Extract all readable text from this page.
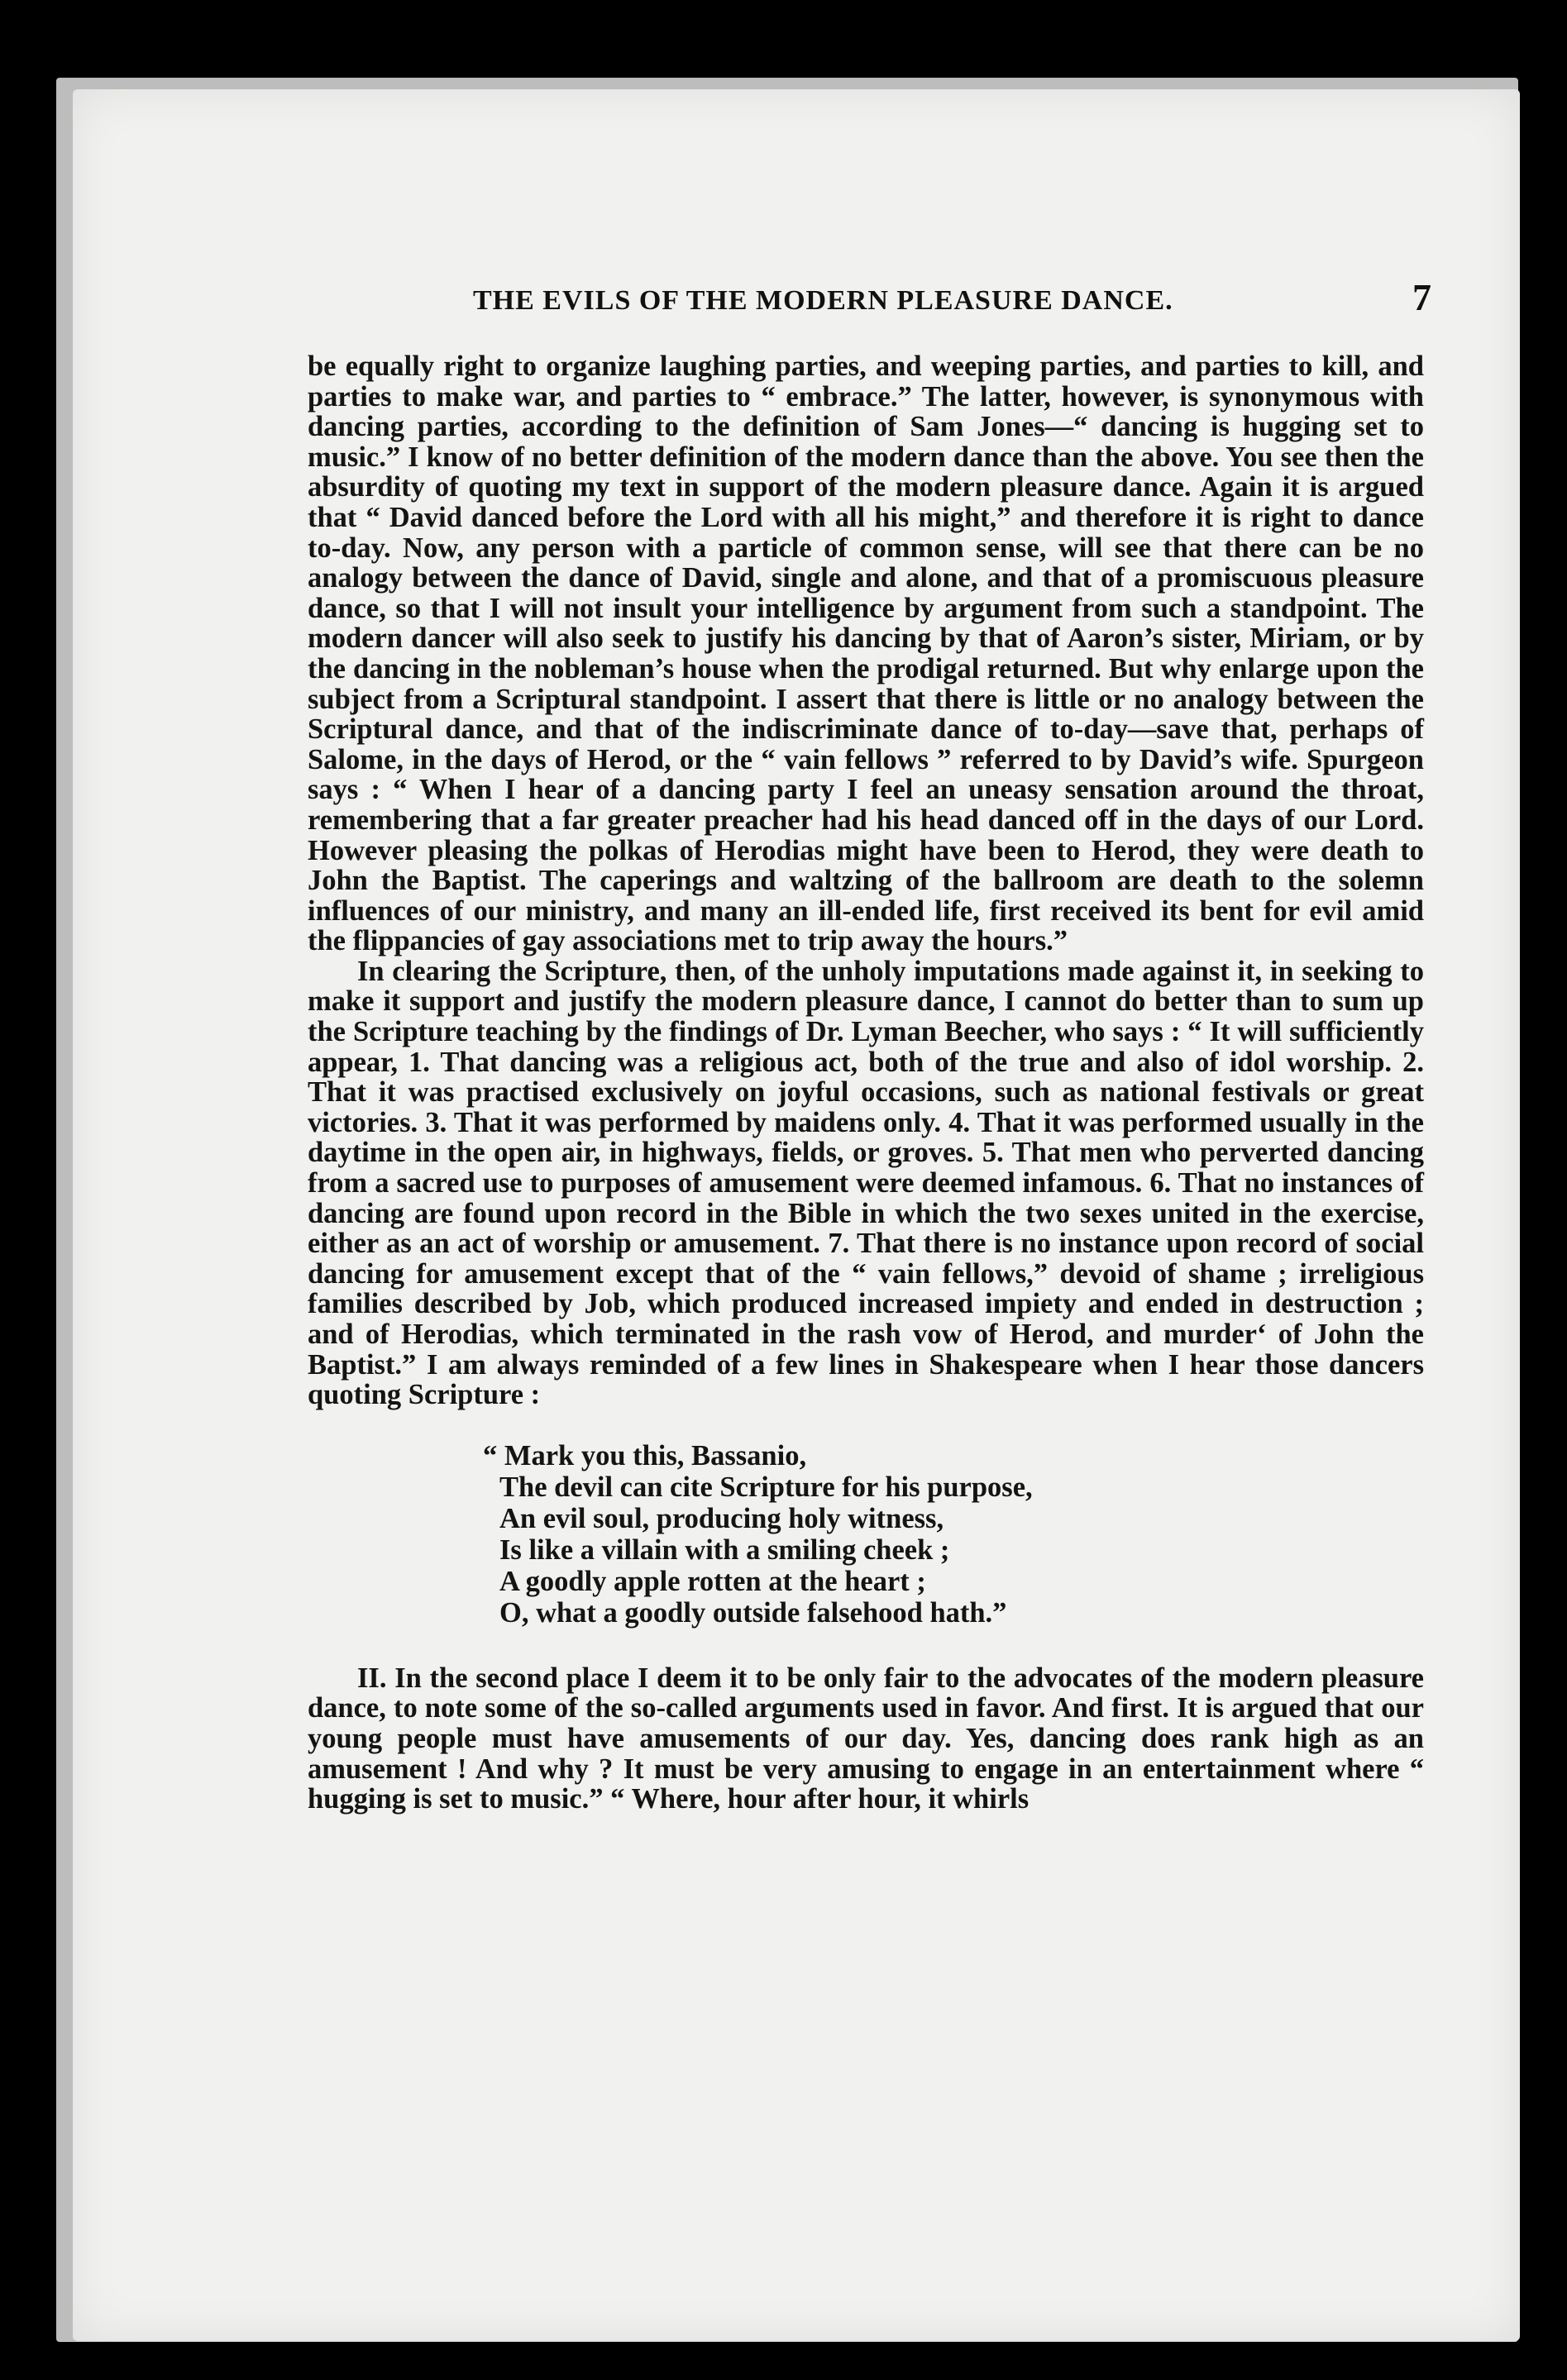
THE EVILS OF THE MODERN PLEASURE DANCE.	7

be equally right to organize laughing parties, and weeping parties, and parties to kill, and parties to make war, and parties to “ embrace.” The latter, however, is synonymous with dancing parties, according to the definition of Sam Jones—“ dancing is hugging set to music.” I know of no better definition of the modern dance than the above. You see then the absurdity of quoting my text in support of the modern pleasure dance. Again it is argued that “ David danced before the Lord with all his might,” and therefore it is right to dance to-day. Now, any person with a particle of common sense, will see that there can be no analogy between the dance of David, single and alone, and that of a promiscuous pleasure dance, so that I will not insult your intelligence by argument from such a standpoint. The modern dancer will also seek to justify his dancing by that of Aaron’s sister, Miriam, or by the dancing in the nobleman’s house when the prodigal returned. But why enlarge upon the subject from a Scriptural standpoint. I assert that there is little or no analogy between the Scriptural dance, and that of the indiscriminate dance of to-day—save that, perhaps of Salome, in the days of Herod, or the “ vain fellows ” referred to by David’s wife. Spurgeon says : “ When I hear of a dancing party I feel an uneasy sensation around the throat, remembering that a far greater preacher had his head danced off in the days of our Lord. However pleasing the polkas of Herodias might have been to Herod, they were death to John the Baptist. The caperings and waltzing of the ballroom are death to the solemn influences of our ministry, and many an ill-ended life, first received its bent for evil amid the flippancies of gay associations met to trip away the hours.”

In clearing the Scripture, then, of the unholy imputations made against it, in seeking to make it support and justify the modern pleasure dance, I cannot do better than to sum up the Scripture teaching by the findings of Dr. Lyman Beecher, who says : “ It will sufficiently appear, 1. That dancing was a religious act, both of the true and also of idol worship. 2. That it was practised exclusively on joyful occasions, such as national festivals or great victories. 3. That it was performed by maidens only. 4. That it was performed usually in the daytime in the open air, in highways, fields, or groves. 5. That men who perverted dancing from a sacred use to purposes of amusement were deemed infamous. 6. That no instances of dancing are found upon record in the Bible in which the two sexes united in the exercise, either as an act of worship or amusement. 7. That there is no instance upon record of social dancing for amusement except that of the “ vain fellows,” devoid of shame ; irreligious families described by Job, which produced increased impiety and ended in destruction ; and of Herodias, which terminated in the rash vow of Herod, and murder‘ of John the Baptist.” I am always reminded of a few lines in Shakespeare when I hear those dancers quoting Scripture :

“ Mark you this, Bassanio,
The devil can cite Scripture for his purpose,
An evil soul, producing holy witness,
Is like a villain with a smiling cheek ;
A goodly apple rotten at the heart ;
O, what a goodly outside falsehood hath.”

II. In the second place I deem it to be only fair to the advocates of the modern pleasure dance, to note some of the so-called arguments used in favor. And first. It is argued that our young people must have amusements of our day. Yes, dancing does rank high as an amusement ! And why ? It must be very amusing to engage in an entertainment where “ hugging is set to music.” “ Where, hour after hour, it whirls
